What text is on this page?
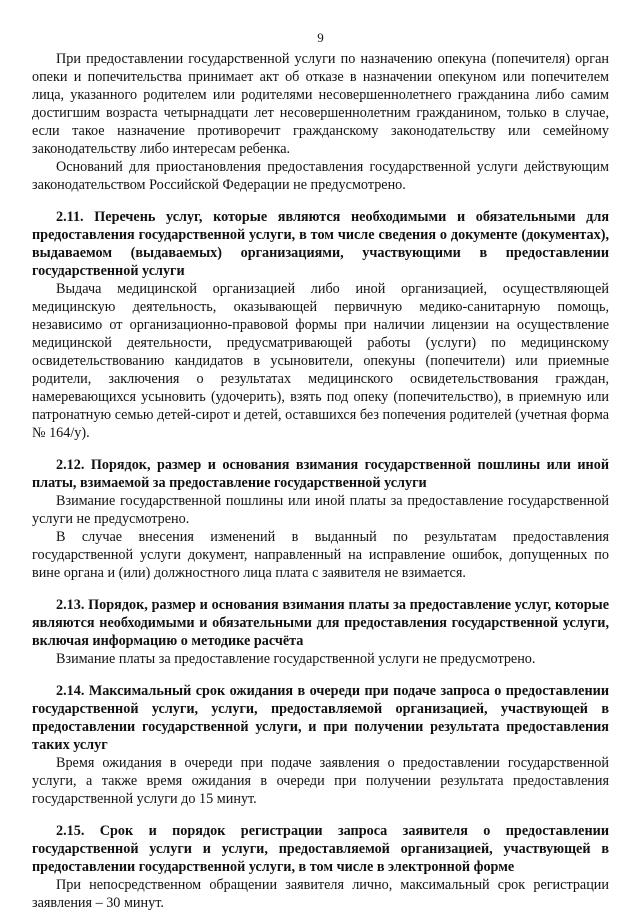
9

При предоставлении государственной услуги по назначению опекуна (попечителя) орган опеки и попечительства принимает акт об отказе в назначении опекуном или попечителем лица, указанного родителем или родителями несовершеннолетнего гражданина либо самим достигшим возраста четырнадцати лет несовершеннолетним гражданином, только в случае, если такое назначение противоречит гражданскому законодательству или семейному законодательству либо интересам ребенка.

Оснований для приостановления предоставления государственной услуги действующим законодательством Российской Федерации не предусмотрено.

2.11. Перечень услуг, которые являются необходимыми и обязательными для предоставления государственной услуги, в том числе сведения о документе (документах), выдаваемом (выдаваемых) организациями, участвующими в предоставлении государственной услуги

Выдача медицинской организацией либо иной организацией, осуществляющей медицинскую деятельность, оказывающей первичную медико-санитарную помощь, независимо от организационно-правовой формы при наличии лицензии на осуществление медицинской деятельности, предусматривающей работы (услуги) по медицинскому освидетельствованию кандидатов в усыновители, опекуны (попечители) или приемные родители, заключения о результатах медицинского освидетельствования граждан, намеревающихся усыновить (удочерить), взять под опеку (попечительство), в приемную или патронатную семью детей-сирот и детей, оставшихся без попечения родителей (учетная форма № 164/у).

2.12. Порядок, размер и основания взимания государственной пошлины или иной платы, взимаемой за предоставление государственной услуги

Взимание государственной пошлины или иной платы за предоставление государственной услуги не предусмотрено.

В случае внесения изменений в выданный по результатам предоставления государственной услуги документ, направленный на исправление ошибок, допущенных по вине органа и (или) должностного лица плата с заявителя не взимается.

2.13. Порядок, размер и основания взимания платы за предоставление услуг, которые являются необходимыми и обязательными для предоставления государственной услуги, включая информацию о методике расчёта

Взимание платы за предоставление государственной услуги не предусмотрено.

2.14. Максимальный срок ожидания в очереди при подаче запроса о предоставлении государственной услуги, услуги, предоставляемой организацией, участвующей в предоставлении государственной услуги, и при получении результата предоставления таких услуг

Время ожидания в очереди при подаче заявления о предоставлении государственной услуги, а также время ожидания в очереди при получении результата предоставления государственной услуги до 15 минут.

2.15. Срок и порядок регистрации запроса заявителя о предоставлении государственной услуги и услуги, предоставляемой организацией, участвующей в предоставлении государственной услуги, в том числе в электронной форме

При непосредственном обращении заявителя лично, максимальный срок регистрации заявления – 30 минут.
